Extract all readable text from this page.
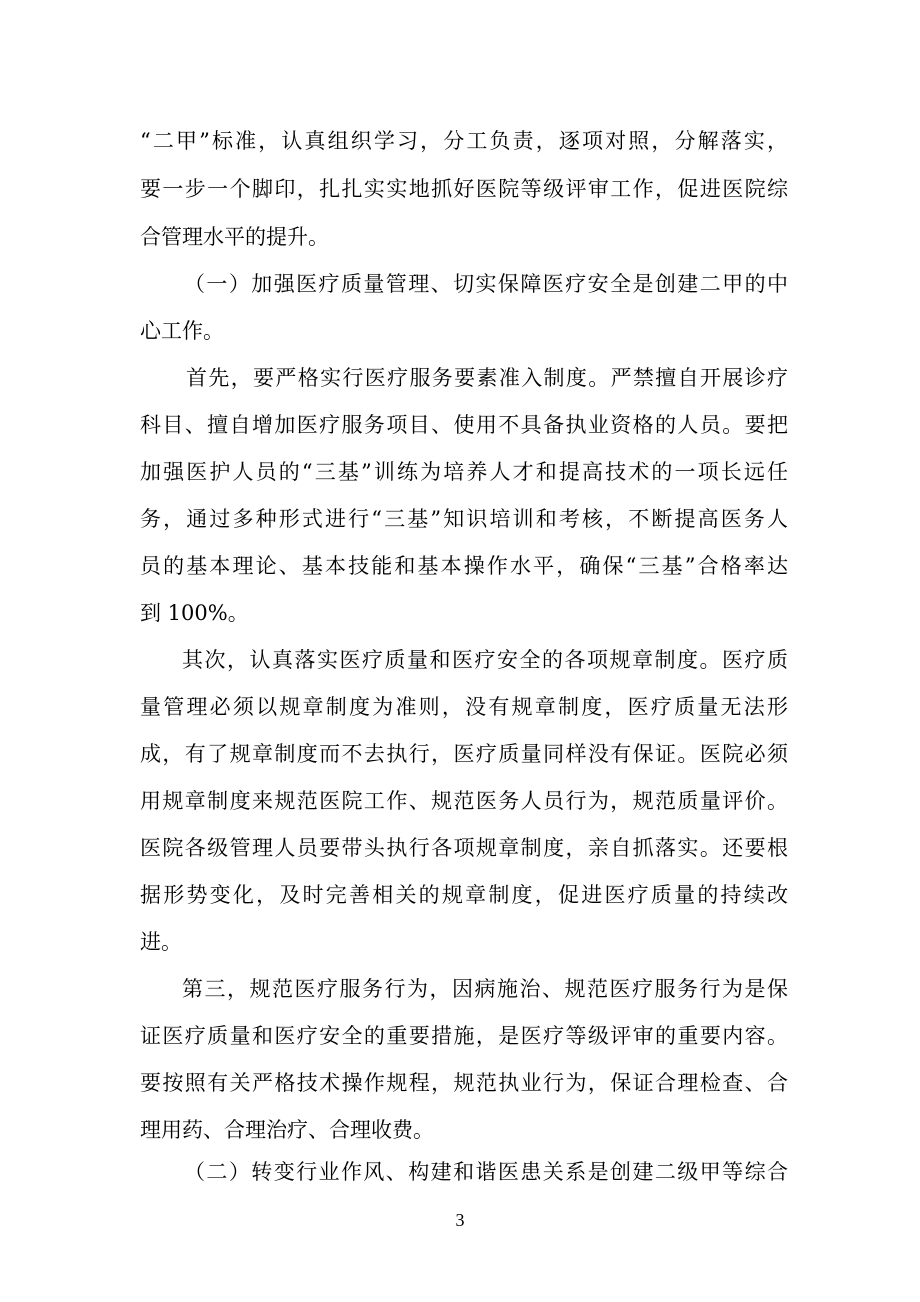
“二甲”标准，认真组织学习，分工负责，逐项对照，分解落实，
要一步一个脚印，扎扎实实地抓好医院等级评审工作，促进医院综
合管理水平的提升。
（一）加强医疗质量管理、切实保障医疗安全是创建二甲的中
心工作。
首先，要严格实行医疗服务要素准入制度。严禁擅自开展诊疗
科目、擅自增加医疗服务项目、使用不具备执业资格的人员。要把
加强医护人员的“三基”训练为培养人才和提高技术的一项长远任
务，通过多种形式进行“三基”知识培训和考核，不断提高医务人
员的基本理论、基本技能和基本操作水平，确保“三基”合格率达
到 100%。
其次，认真落实医疗质量和医疗安全的各项规章制度。医疗质
量管理必须以规章制度为准则，没有规章制度，医疗质量无法形
成，有了规章制度而不去执行，医疗质量同样没有保证。医院必须
用规章制度来规范医院工作、规范医务人员行为，规范质量评价。
医院各级管理人员要带头执行各项规章制度，亲自抓落实。还要根
据形势变化，及时完善相关的规章制度，促进医疗质量的持续改
进。
第三，规范医疗服务行为，因病施治、规范医疗服务行为是保
证医疗质量和医疗安全的重要措施，是医疗等级评审的重要内容。
要按照有关严格技术操作规程，规范执业行为，保证合理检查、合
理用药、合理治疗、合理收费。
（二）转变行业作风、构建和谐医患关系是创建二级甲等综合
3
